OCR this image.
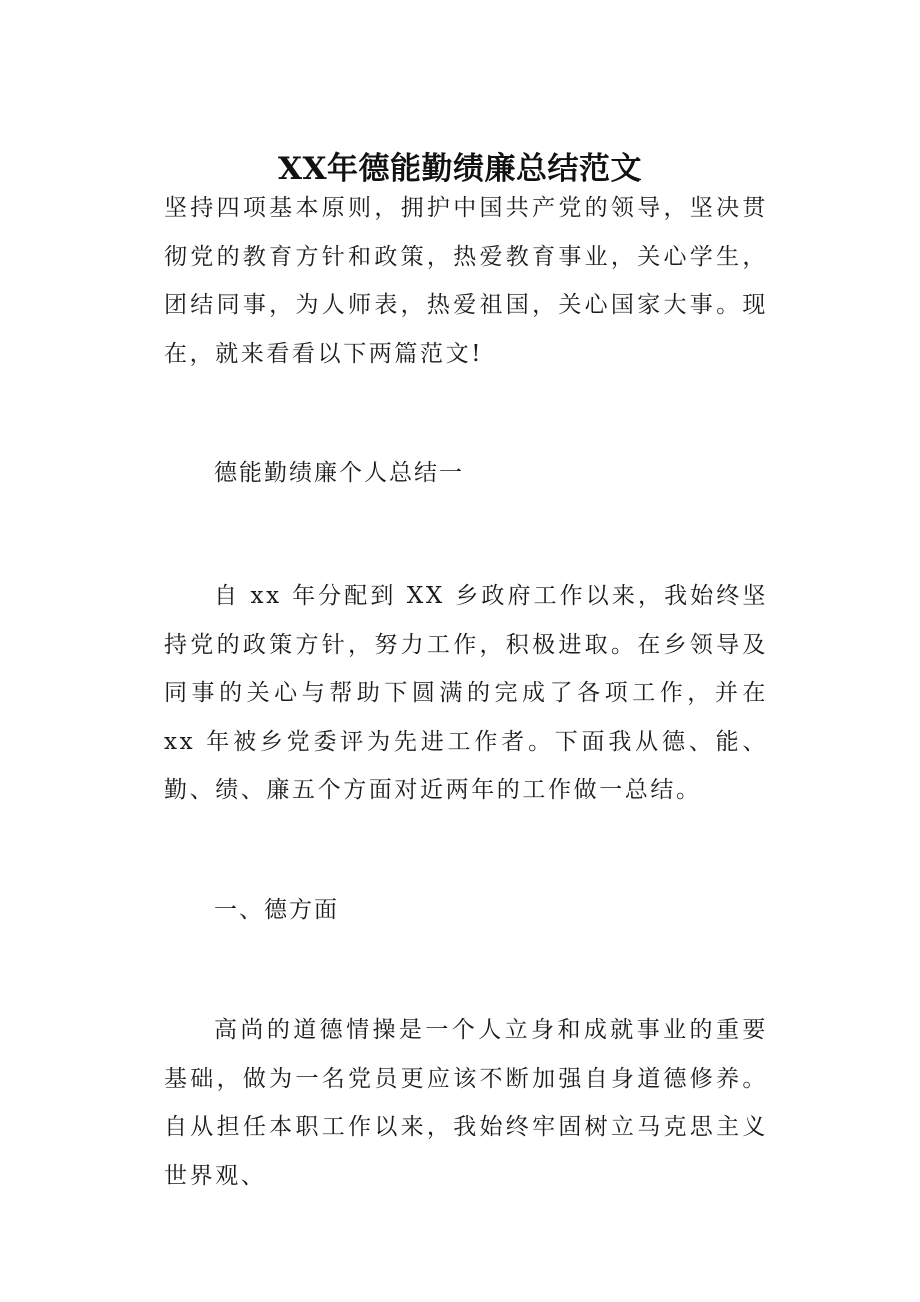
XX年德能勤绩廉总结范文

坚持四项基本原则，拥护中国共产党的领导，坚决贯彻党的教育方针和政策，热爱教育事业，关心学生，团结同事，为人师表，热爱祖国，关心国家大事。现在，就来看看以下两篇范文!

德能勤绩廉个人总结一

自 xx 年分配到 XX 乡政府工作以来，我始终坚持党的政策方针，努力工作，积极进取。在乡领导及同事的关心与帮助下圆满的完成了各项工作，并在 xx 年被乡党委评为先进工作者。下面我从德、能、勤、绩、廉五个方面对近两年的工作做一总结。

一、德方面

高尚的道德情操是一个人立身和成就事业的重要基础，做为一名党员更应该不断加强自身道德修养。自从担任本职工作以来，我始终牢固树立马克思主义世界观、
